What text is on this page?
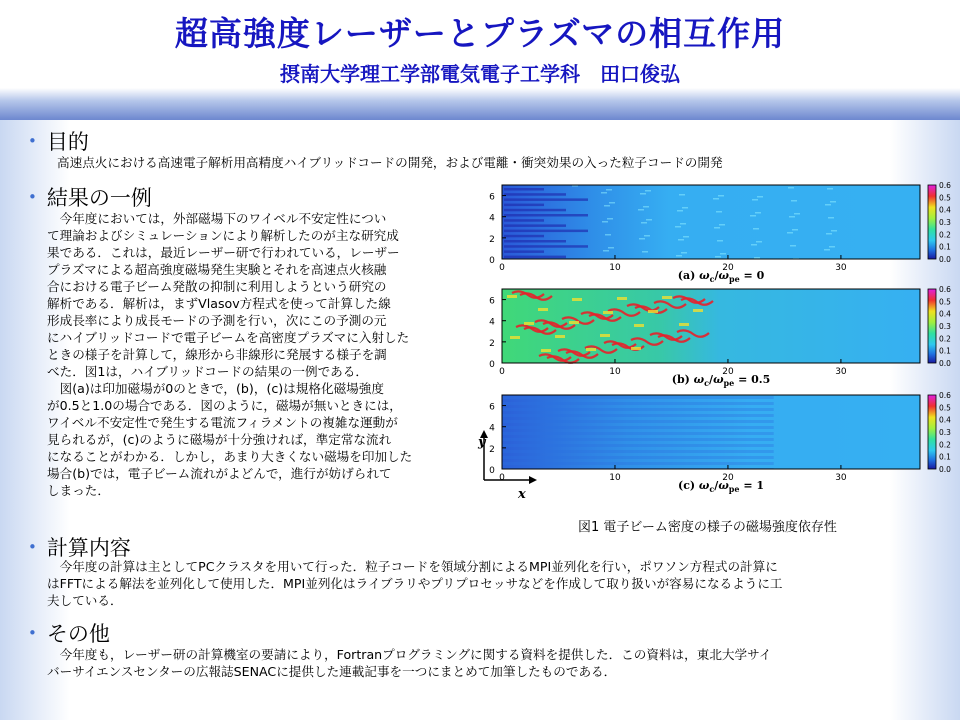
超高強度レーザーとプラズマの相互作用
摂南大学理工学部電気電子工学科　田口俊弘
• 目的
高速点火における高速電子解析用高精度ハイブリッドコードの開発，および電離・衝突効果の入った粒子コードの開発
• 結果の一例
　今年度においては，外部磁場下のワイベル不安定性につい
て理論およびシミュレーションにより解析したのが主な研究成
果である．これは，最近レーザー研で行われている，レーザー
プラズマによる超高強度磁場発生実験とそれを高速点火核融
合における電子ビーム発散の抑制に利用しようという研究の
解析である．解析は，まずVlasov方程式を使って計算した線
形成長率により成長モードの予測を行い，次にこの予測の元
にハイブリッドコードで電子ビームを高密度プラズマに入射した
ときの様子を計算して，線形から非線形に発展する様子を調
べた．図1は，ハイブリッドコードの結果の一例である．
　図(a)は印加磁場が0のときで，(b)，(c)は規格化磁場強度
が0.5と1.0の場合である．図のように，磁場が無いときには，
ワイベル不安定性で発生する電流フィラメントの複雑な運動が
見られるが，(c)のように磁場が十分強ければ，準定常な流れ
になることがわかる．しかし，あまり大きくない磁場を印加した
場合(b)では，電子ビーム流れがよどんで，進行が妨げられて
しまった．
0
2
4
6
0	10	20	30
(a) $\omega_c/\omega_{pe} = 0$
0.0
0.1
0.2
0.3
0.4
0.5
0.6
0
2
4
6
0	10	20	30
(b) $\omega_c/\omega_{pe} = 0.5$
0.0
0.1
0.2
0.3
0.4
0.5
0.6
0
2
4
6
0	10	20	30
(c) $\omega_c/\omega_{pe} = 1$
0.0
0.1
0.2
0.3
0.4
0.5
0.6
y
x
図1 電子ビーム密度の様子の磁場強度依存性
• 計算内容
　今年度の計算は主としてPCクラスタを用いて行った．粒子コードを領域分割によるMPI並列化を行い，ポワソン方程式の計算に
はFFTによる解法を並列化して使用した．MPI並列化はライブラリやプリプロセッサなどを作成して取り扱いが容易になるように工
夫している．
• その他
　今年度も，レーザー研の計算機室の要請により，Fortranプログラミングに関する資料を提供した．この資料は，東北大学サイ
バーサイエンスセンターの広報誌SENACに提供した連載記事を一つにまとめて加筆したものである．
